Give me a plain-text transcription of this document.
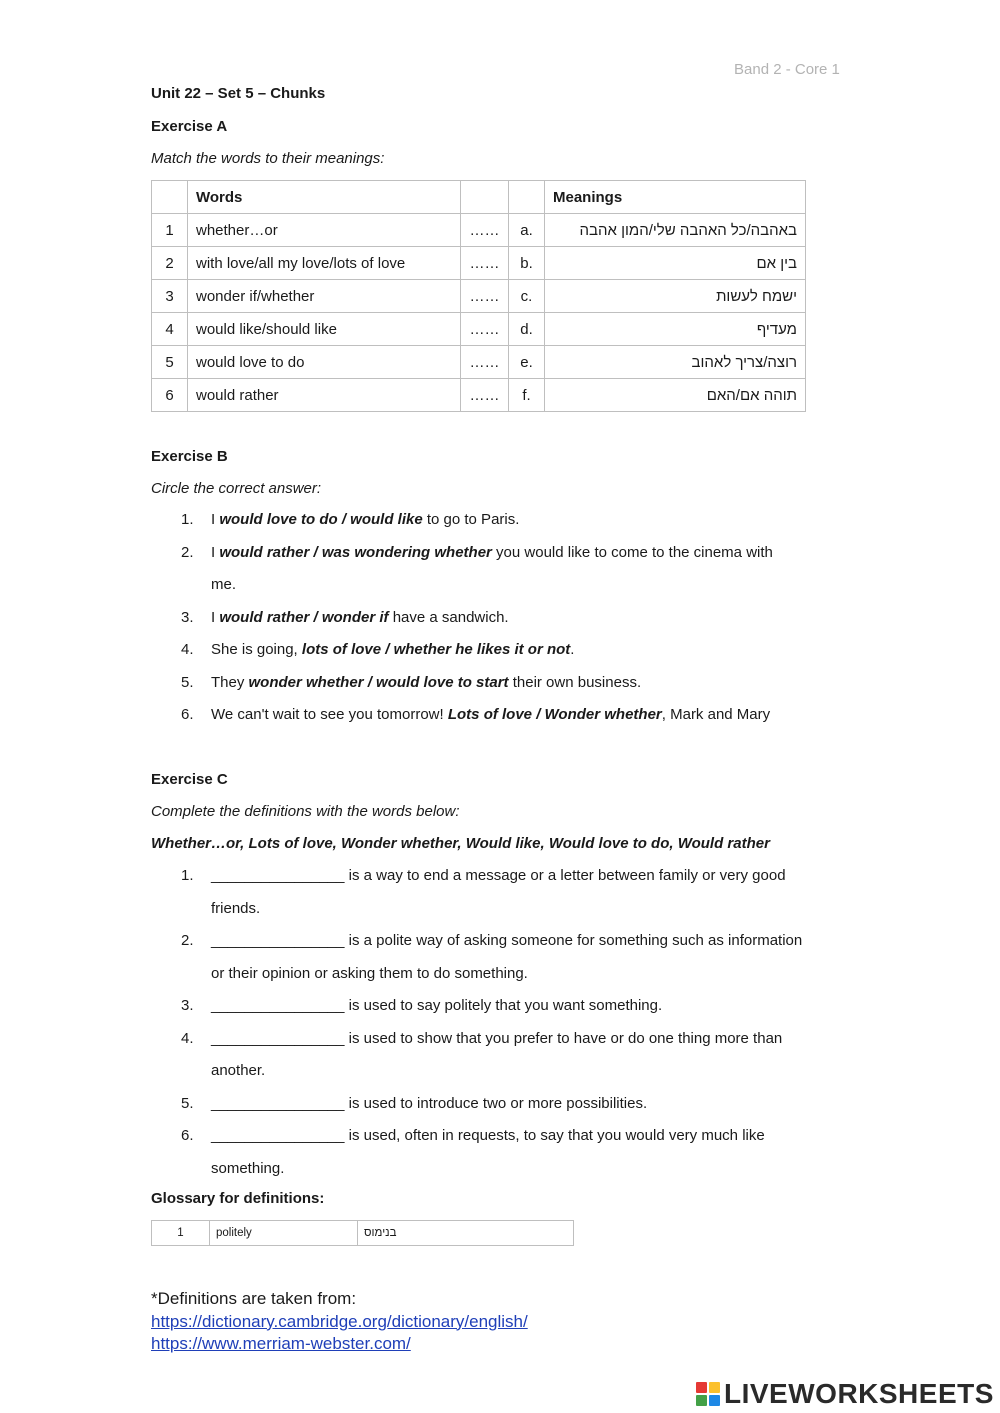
Band 2 - Core 1
Unit 22 – Set 5 – Chunks
Exercise A
Match the words to their meanings:
	Words			Meanings
1	whether…or	……	a.	באהבה/כל האהבה שלי/המון אהבה
2	with love/all my love/lots of love	……	b.	בין אם
3	wonder if/whether	……	c.	ישמח לעשות
4	would like/should like	……	d.	מעדיף
5	would love to do	……	e.	רוצה/צריך לאהוב
6	would rather	……	f.	תוהה אם/האם
Exercise B
Circle the correct answer:
1. I would love to do / would like to go to Paris.
2. I would rather / was wondering whether you would like to come to the cinema with
me.
3. I would rather / wonder if have a sandwich.
4. She is going, lots of love / whether he likes it or not.
5. They wonder whether / would love to start their own business.
6. We can't wait to see you tomorrow! Lots of love / Wonder whether, Mark and Mary
Exercise C
Complete the definitions with the words below:
Whether…or, Lots of love, Wonder whether, Would like, Would love to do, Would rather
1. ________________ is a way to end a message or a letter between family or very good
friends.
2. ________________ is a polite way of asking someone for something such as information
or their opinion or asking them to do something.
3. ________________ is used to say politely that you want something.
4. ________________ is used to show that you prefer to have or do one thing more than
another.
5. ________________ is used to introduce two or more possibilities.
6. ________________ is used, often in requests, to say that you would very much like
something.
Glossary for definitions:
1	politely	בנימוס
*Definitions are taken from:
https://dictionary.cambridge.org/dictionary/english/
https://www.merriam-webster.com/
LIVEWORKSHEETS
